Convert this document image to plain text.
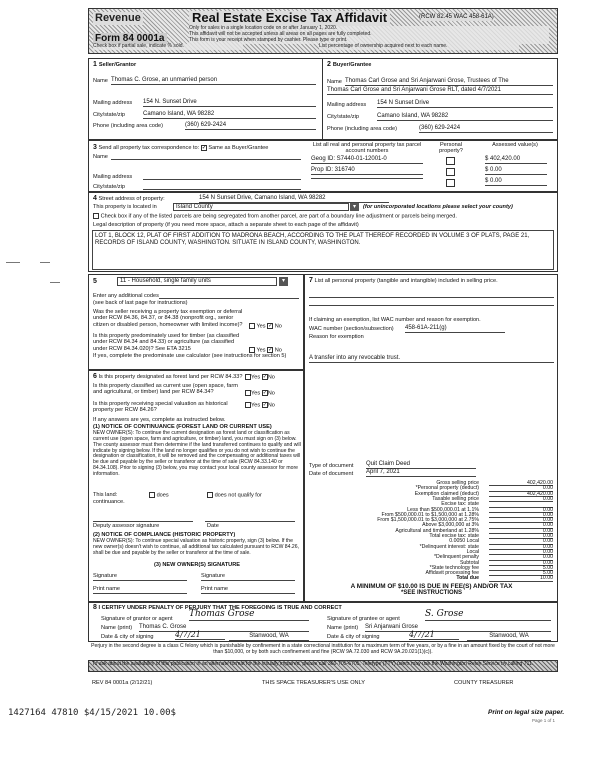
Revenue	Real Estate Excise Tax Affidavit	(RCW 82.45 WAC 458-61A)
Form 84 0001a
Only for sales in a single location code on or after January 1, 2020.
This affidavit will not be accepted unless all areas on all pages are fully completed.
This form is your receipt when stamped by cashier. Please type or print.
Check box if partial sale, indicate % sold.	List percentage of ownership acquired next to each name.
1 Seller/Grantor
Name Thomas C. Grose, an unmarried person
Mailing address 154 N. Sunset Drive
City/state/zip	Camano Island, WA 98282
Phone (including area code)	(360) 629-2424
2 Buyer/Grantee
Name Thomas Carl Grose and Sri Anjarwani Grose, Trustees of The
Thomas Carl Grose and Sri Anjarwani Grose RLT, dated 4/7/2021
Mailing address 154 N Sunset Drive
City/state/zip	Camano Island, WA 98282
Phone (including area code)	(360) 629-2424
3 Send all property tax correspondence to: ✓ Same as Buyer/Grantee
Name
Mailing address
City/state/zip
List all real and personal property tax parcel account numbers
Personal property?
Assessed value(s)
Geog ID: S7440-01-12001-0	$ 402,420.00
Prop ID: 316740	$ 0.00
$ 0.00
4 Street address of property:	154 N Sunset Drive, Camano Island, WA 98282
This property is located in	Island County	▾	(for unincorporated locations please select your county)
Check box if any of the listed parcels are being segregated from another parcel, are part of a boundary line adjustment or parcels being merged.
Legal description of property (if you need more space, attach a separate sheet to each page of the affidavit)
LOT 1, BLOCK 12, PLAT OF FIRST ADDITION TO MADRONA BEACH, ACCORDING TO THE PLAT THEREOF RECORDED IN VOLUME 3 OF PLATS, PAGE 21, RECORDS OF ISLAND COUNTY, WASHINGTON. SITUATE IN ISLAND COUNTY, WASHINGTON.
5	11 - Household, single family units	▾
Enter any additional codes
(see back of last page for instructions)
Was the seller receiving a property tax exemption or deferral under RCW 84.36, 84.37, or 84.38 (nonprofit org., senior citizen or disabled person, homeowner with limited income)?	Yes ✓ No
Is this property predominately used for timber (as classified under RCW 84.34 and 84.33) or agriculture (as classified under RCW 84.34.020)? See ETA 3215	Yes ✓ No
If yes, complete the predominate use calculator (see instructions for section 5)
6 Is this property designated as forest land per RCW 84.33?	Yes ✓No
Is this property classified as current use (open space, farm and agricultural, or timber) land per RCW 84.34?	Yes ✓No
Is this property receiving special valuation as historical property per RCW 84.26?
Yes ✓No
If any answers are yes, complete as instructed below.
(1) NOTICE OF CONTINUANCE (FOREST LAND OR CURRENT USE)
NEW OWNER(S): To continue the current designation as forest land or classification as current use (open space, farm and agriculture, or timber) land, you must sign on (3) below. The county assessor must then determine if the land transferred continues to qualify and will indicate by signing below. If the land no longer qualifies or you do not wish to continue the designation or classification, it will be removed and the compensating or additional taxes will be due and payable by the seller or transferor at the time of sale (RCW 84.33.140 or 84.34.108). Prior to signing (3) below, you may contact your local county assessor for more information.
This land:	does	does not qualify for
continuance.
Deputy assessor signature	Date
(2) NOTICE OF COMPLIANCE (HISTORIC PROPERTY)
NEW OWNER(S): To continue special valuation as historic property, sign (3) below. If the new owner(s) doesn't wish to continue, all additional tax calculated pursuant to RCW 84.26, shall be due and payable by the seller or transferor at the time of sale.
(3) NEW OWNER(S) SIGNATURE
Signature	Signature
Print name	Print name
7 List all personal property (tangible and intangible) included in selling price.
If claiming an exemption, list WAC number and reason for exemption.
WAC number (section/subsection) 458-61A-211(g)
Reason for exemption
A transfer into any revocable trust.
Type of document
Date of document
Gross selling price	402,420.00
*Personal property (deduct)	0.00
Exemption claimed (deduct)	402,420.00
Taxable selling price	0.00
Excise tax: state
Less than $500,000.01 at 1.1%	0.00
From $500,000.01 to $1,500,000 at 1.28%	0.00
From $1,500,000.01 to $3,000,000 at 2.75%	0.00
Above $3,000,000 at 3%	0.00
Agricultural and timberland at 1.28%	0.00
Total excise tax: state	0.00
0.0050 Local	0.00
*Delinquent interest: state	0.00
Local	0.00
*Delinquent penalty	0.00
Subtotal	0.00
*State technology fee	5.00
Affidavit processing fee	5.00
Total due	10.00
A MINIMUM OF $10.00 IS DUE IN FEE(S) AND/OR TAX
*SEE INSTRUCTIONS
Quit Claim Deed
April 7, 2021
8 I CERTIFY UNDER PENALTY OF PERJURY THAT THE FOREGOING IS TRUE AND CORRECT
Signature of grantor or agent Thomas Grose
Name (print) Thomas C. Grose
Date & city of signing	4/7/21	Stanwood, WA
Signature of grantee or agent	S. Grose
Name (print) Sri Anjarwani Grose
Date & city of signing	4/7/21	Stanwood, WA
Perjury in the second degree is a class C felony which is punishable by confinement in a state correctional institution for a maximum term of five years, or by a fine in an amount fixed by the court of not more than $10,000, or by both such confinement and fine (RCW 9A.72.030 and RCW 9A.20.021(1)(c)).
To ask about the availability of this publication in an alternate format for the visually impaired, please call 360-705-6705. Teletype (TTY) users may use the Washington Relay Service by calling 711.
REV 84 0001a (2/12/21)	THIS SPACE TREASURER'S USE ONLY	COUNTY TREASURER
1427164 47810 $4/15/2021 10.00$	Print on legal size paper.
Page 1 of 1
